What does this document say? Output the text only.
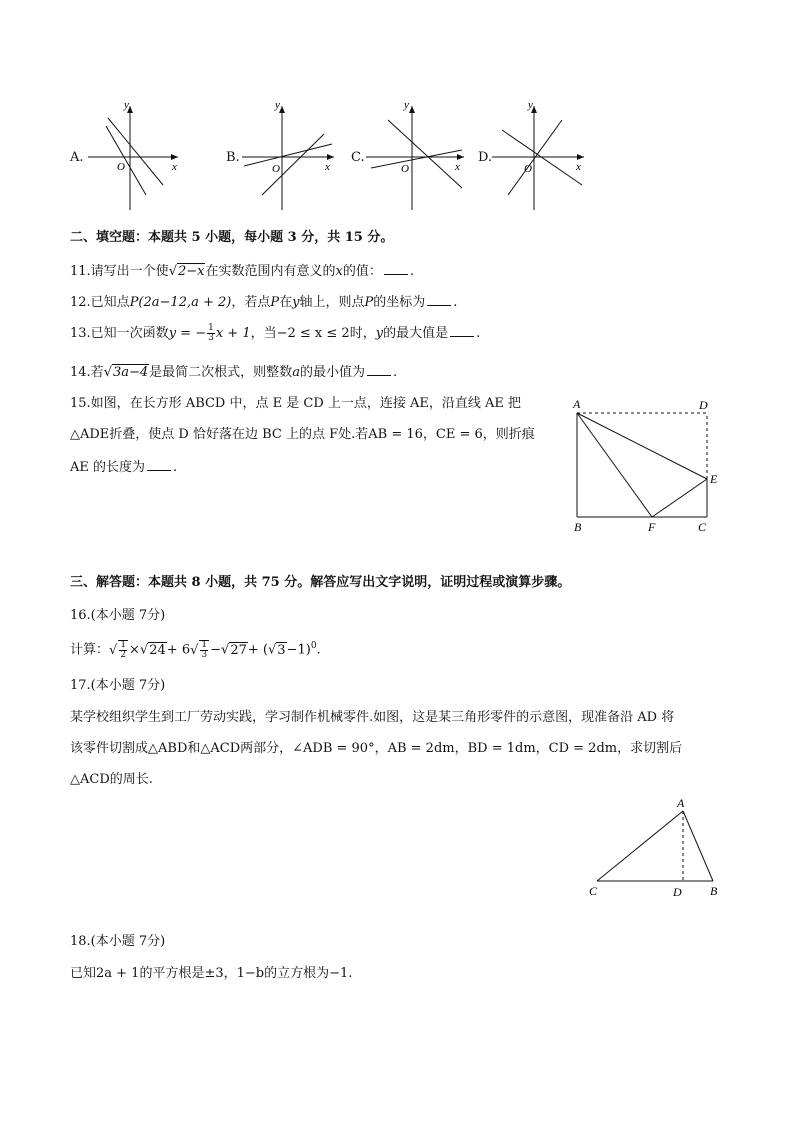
A.
y
x
O
B.
y
x
O
C.
y
x
O
D.
y
x
O
二、填空题：本题共 5 小题，每小题 3 分，共 15 分。
11.请写出一个使√2−x在实数范围内有意义的x的值： .
12.已知点P(2a−12,a + 2)，若点P在y轴上，则点P的坐标为 .
13.已知一次函数y = − $\frac{1}{3}$ x + 1，当−2 ≤ x ≤ 2时，y的最大值是 .
14.若√3a−4是最简二次根式，则整数a的最小值为 .
15.如图，在长方形 ABCD 中，点 E 是 CD 上一点，连接 AE，沿直线 AE 把
△ADE折叠，使点 D 恰好落在边 BC 上的点 F处.若AB = 16，CE = 6，则折痕
AE 的长度为 .
A	D
E
B	F	C
三、解答题：本题共 8 小题，共 75 分。解答应写出文字说明，证明过程或演算步骤。
16.(本小题 7分)
计算：√ $\frac{1}{2} \times√24+ 6√ \frac{1}{3} -√27+ (√3-1)^0$.
17.(本小题 7分)
某学校组织学生到工厂劳动实践，学习制作机械零件.如图，这是某三角形零件的示意图，现准备沿 AD 将
该零件切割成△ABD和△ACD两部分，∠ADB = 90°，AB = 2dm，BD = 1dm，CD = 2dm，求切割后
△ACD的周长.
A
C	D B
18.(本小题 7分)
已知2a + 1的平方根是±3，1−b的立方根为−1.
